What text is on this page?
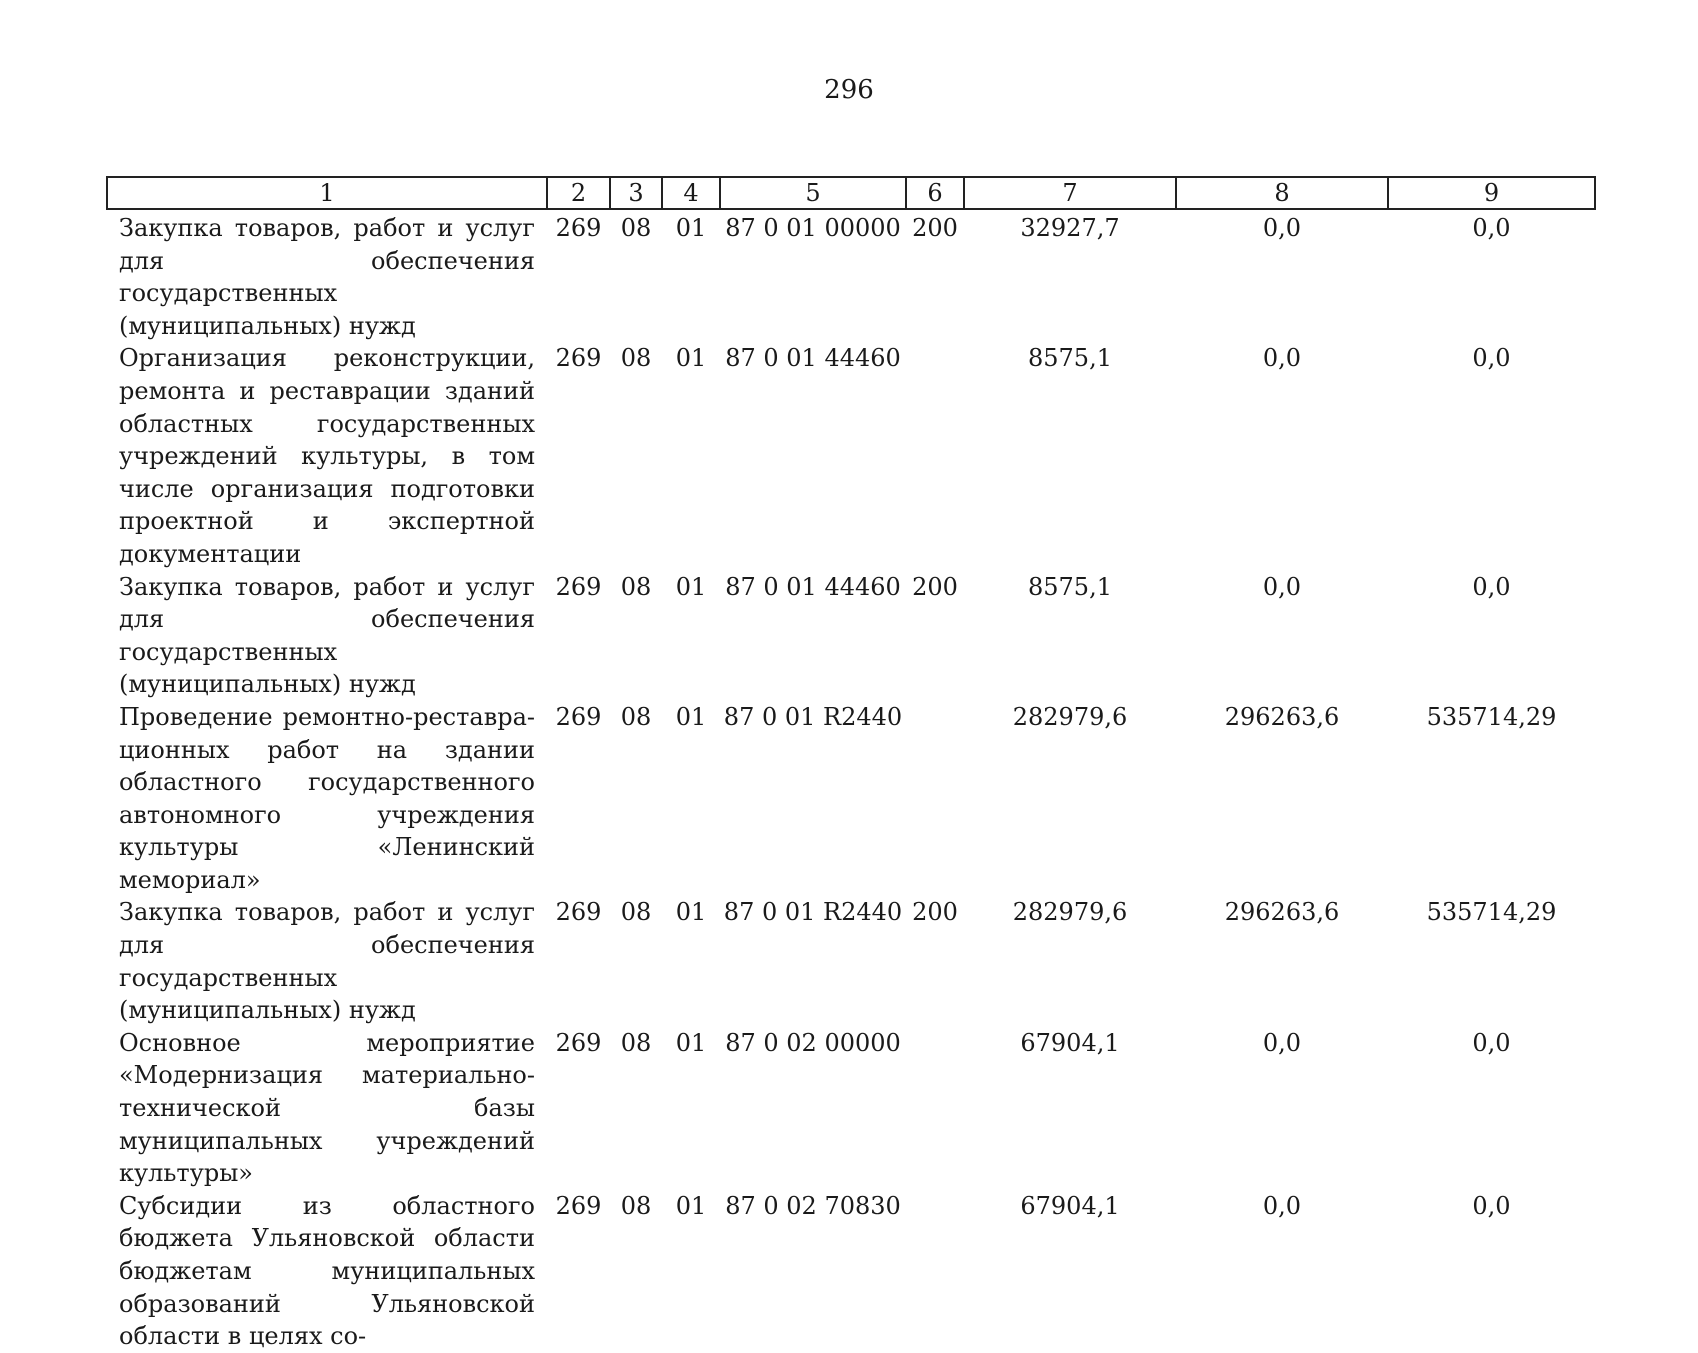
296
1	2	3	4	5	6	7	8	9
Закупка товаров, работ и услуг для обеспечения государственных (муниципальных) нужд	269	08	01	87 0 01 00000	200	32927,7	0,0	0,0
Организация реконструкции, ремонта и реставрации зданий областных государственных учреждений культуры, в том числе организация подготовки проектной и экспертной документации	269	08	01	87 0 01 44460		8575,1	0,0	0,0
Закупка товаров, работ и услуг для обеспечения государственных (муниципальных) нужд	269	08	01	87 0 01 44460	200	8575,1	0,0	0,0
Проведение ремонтно-реставрационных работ на здании областного государственного автономного учреждения культуры «Ленинский мемориал»	269	08	01	87 0 01 R2440		282979,6	296263,6	535714,29
Закупка товаров, работ и услуг для обеспечения государственных (муниципальных) нужд	269	08	01	87 0 01 R2440	200	282979,6	296263,6	535714,29
Основное мероприятие «Модернизация материально-технической базы муниципальных учреждений культуры»	269	08	01	87 0 02 00000		67904,1	0,0	0,0
Субсидии из областного бюджета Ульяновской области бюджетам муниципальных образований Ульяновской области в целях со-	269	08	01	87 0 02 70830		67904,1	0,0	0,0
